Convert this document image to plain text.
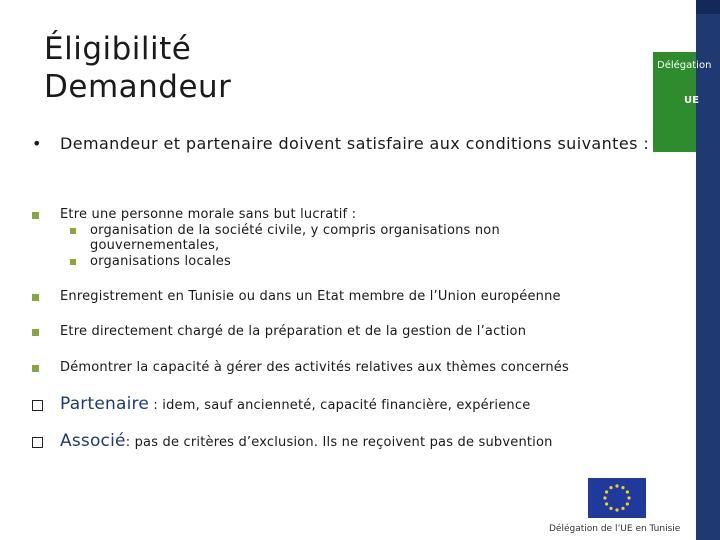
Éligibilité
Demandeur
Délégation
UE
• Demandeur et partenaire doivent satisfaire aux conditions suivantes :
Etre une personne morale sans but lucratif :
organisation de la société civile, y compris organisations non gouvernementales,
organisations locales
Enregistrement en Tunisie ou dans un Etat membre de l’Union européenne
Etre directement chargé de la préparation et de la gestion de l’action
Démontrer la capacité à gérer des activités relatives aux thèmes concernés
Partenaire : idem, sauf ancienneté, capacité financière, expérience
Associé: pas de critères d’exclusion. Ils ne reçoivent pas de subvention
Délégation de l’UE en Tunisie
